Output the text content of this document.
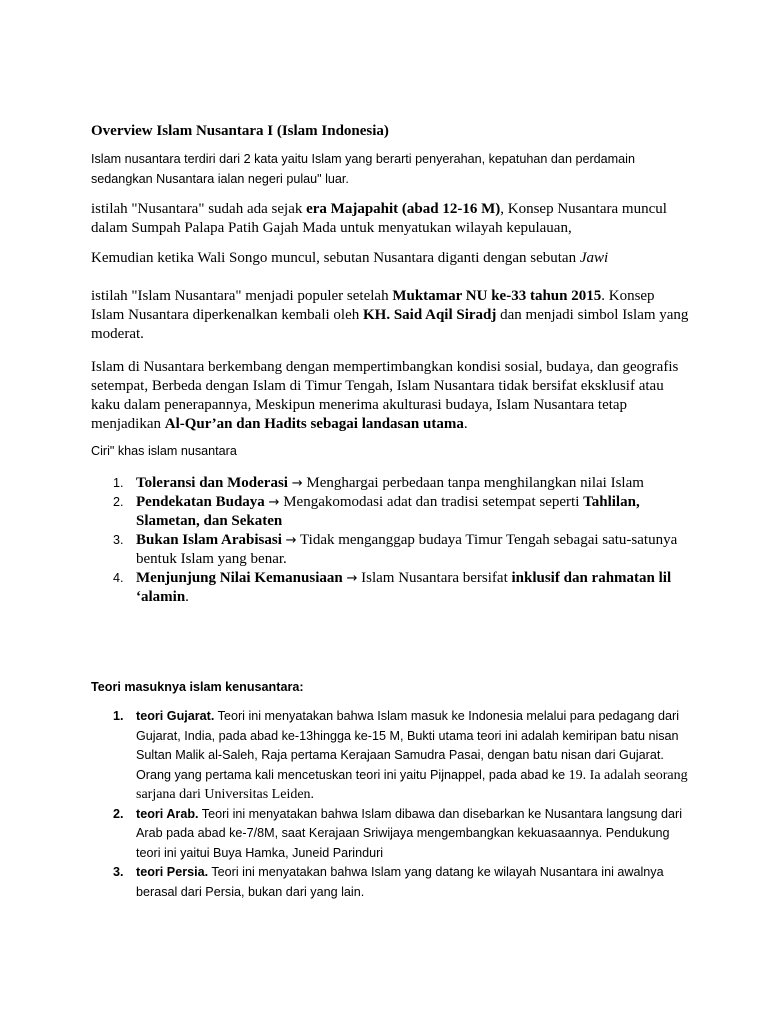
Overview Islam Nusantara I (Islam Indonesia)

Islam nusantara terdiri dari 2 kata yaitu Islam yang berarti penyerahan, kepatuhan dan perdamain sedangkan Nusantara ialan negeri pulau" luar.

istilah "Nusantara" sudah ada sejak era Majapahit (abad 12-16 M), Konsep Nusantara muncul dalam Sumpah Palapa Patih Gajah Mada untuk menyatukan wilayah kepulauan,

Kemudian ketika Wali Songo muncul, sebutan Nusantara diganti dengan sebutan Jawi

istilah "Islam Nusantara" menjadi populer setelah Muktamar NU ke-33 tahun 2015. Konsep Islam Nusantara diperkenalkan kembali oleh KH. Said Aqil Siradj dan menjadi simbol Islam yang moderat.

Islam di Nusantara berkembang dengan mempertimbangkan kondisi sosial, budaya, dan geografis setempat, Berbeda dengan Islam di Timur Tengah, Islam Nusantara tidak bersifat eksklusif atau kaku dalam penerapannya, Meskipun menerima akulturasi budaya, Islam Nusantara tetap menjadikan Al-Qur’an dan Hadits sebagai landasan utama.

Ciri" khas islam nusantara

1. Toleransi dan Moderasi → Menghargai perbedaan tanpa menghilangkan nilai Islam
2. Pendekatan Budaya → Mengakomodasi adat dan tradisi setempat seperti Tahlilan, Slametan, dan Sekaten
3. Bukan Islam Arabisasi → Tidak menganggap budaya Timur Tengah sebagai satu-satunya bentuk Islam yang benar.
4. Menjunjung Nilai Kemanusiaan → Islam Nusantara bersifat inklusif dan rahmatan lil ‘alamin.

Teori masuknya islam kenusantara:

1. teori Gujarat. Teori ini menyatakan bahwa Islam masuk ke Indonesia melalui para pedagang dari Gujarat, India, pada abad ke-13hingga ke-15 M, Bukti utama teori ini adalah kemiripan batu nisan Sultan Malik al-Saleh, Raja pertama Kerajaan Samudra Pasai, dengan batu nisan dari Gujarat. Orang yang pertama kali mencetuskan teori ini yaitu Pijnappel, pada abad ke 19. Ia adalah seorang sarjana dari Universitas Leiden.
2. teori Arab. Teori ini menyatakan bahwa Islam dibawa dan disebarkan ke Nusantara langsung dari Arab pada abad ke-7/8M, saat Kerajaan Sriwijaya mengembangkan kekuasaannya. Pendukung teori ini yaitui Buya Hamka, Juneid Parinduri
3. teori Persia. Teori ini menyatakan bahwa Islam yang datang ke wilayah Nusantara ini awalnya berasal dari Persia, bukan dari yang lain.
